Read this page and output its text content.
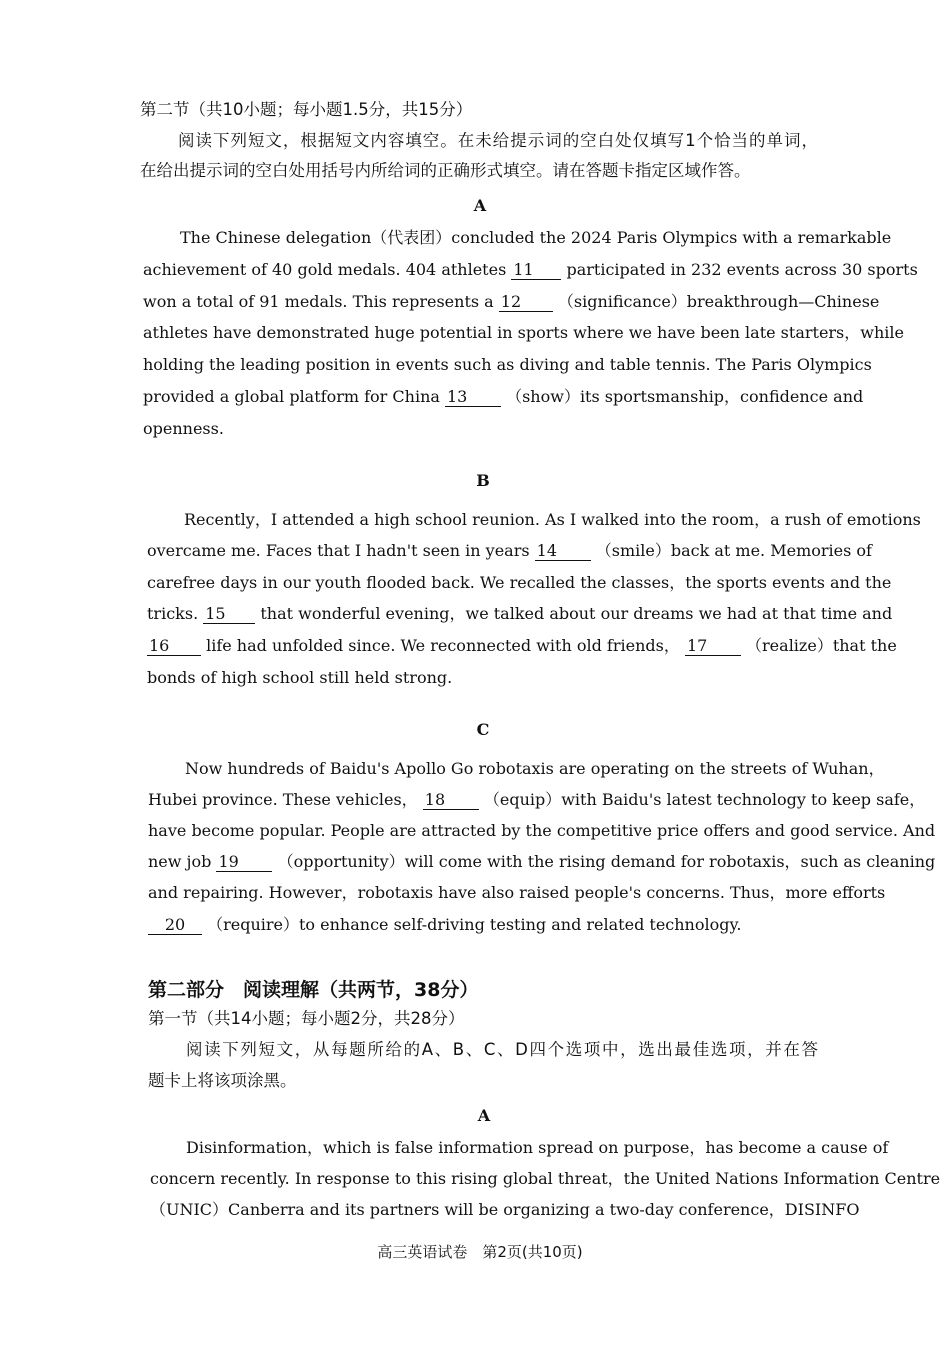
第二节（共10小题；每小题1.5分，共15分）
阅读下列短文，根据短文内容填空。在未给提示词的空白处仅填写1个恰当的单词，
在给出提示词的空白处用括号内所给词的正确形式填空。请在答题卡指定区域作答。
A
The Chinese delegation（代表团）concluded the 2024 Paris Olympics with a remarkable
achievement of 40 gold medals. 404 athletes 11 participated in 232 events across 30 sports
won a total of 91 medals. This represents a 12 （significance）breakthrough—Chinese
athletes have demonstrated huge potential in sports where we have been late starters，while
holding the leading position in events such as diving and table tennis. The Paris Olympics
provided a global platform for China 13 （show）its sportsmanship，confidence and
openness.
B
Recently，I attended a high school reunion. As I walked into the room，a rush of emotions
overcame me. Faces that I hadn't seen in years 14 （smile）back at me. Memories of
carefree days in our youth flooded back. We recalled the classes，the sports events and the
tricks. 15 that wonderful evening，we talked about our dreams we had at that time and
16 life had unfolded since. We reconnected with old friends， 17 （realize）that the
bonds of high school still held strong.
C
Now hundreds of Baidu's Apollo Go robotaxis are operating on the streets of Wuhan，
Hubei province. These vehicles， 18 （equip）with Baidu's latest technology to keep safe，
have become popular. People are attracted by the competitive price offers and good service. And
new job 19 （opportunity）will come with the rising demand for robotaxis，such as cleaning
and repairing. However，robotaxis have also raised people's concerns. Thus，more efforts
20 （require）to enhance self-driving testing and related technology.
第二部分　阅读理解（共两节，38分）
第一节（共14小题；每小题2分，共28分）
阅读下列短文，从每题所给的A、B、C、D四个选项中，选出最佳选项，并在答
题卡上将该项涂黑。
A
Disinformation，which is false information spread on purpose，has become a cause of
concern recently. In response to this rising global threat，the United Nations Information Centre
（UNIC）Canberra and its partners will be organizing a two-day conference，DISINFO
高三英语试卷　第2页(共10页)
